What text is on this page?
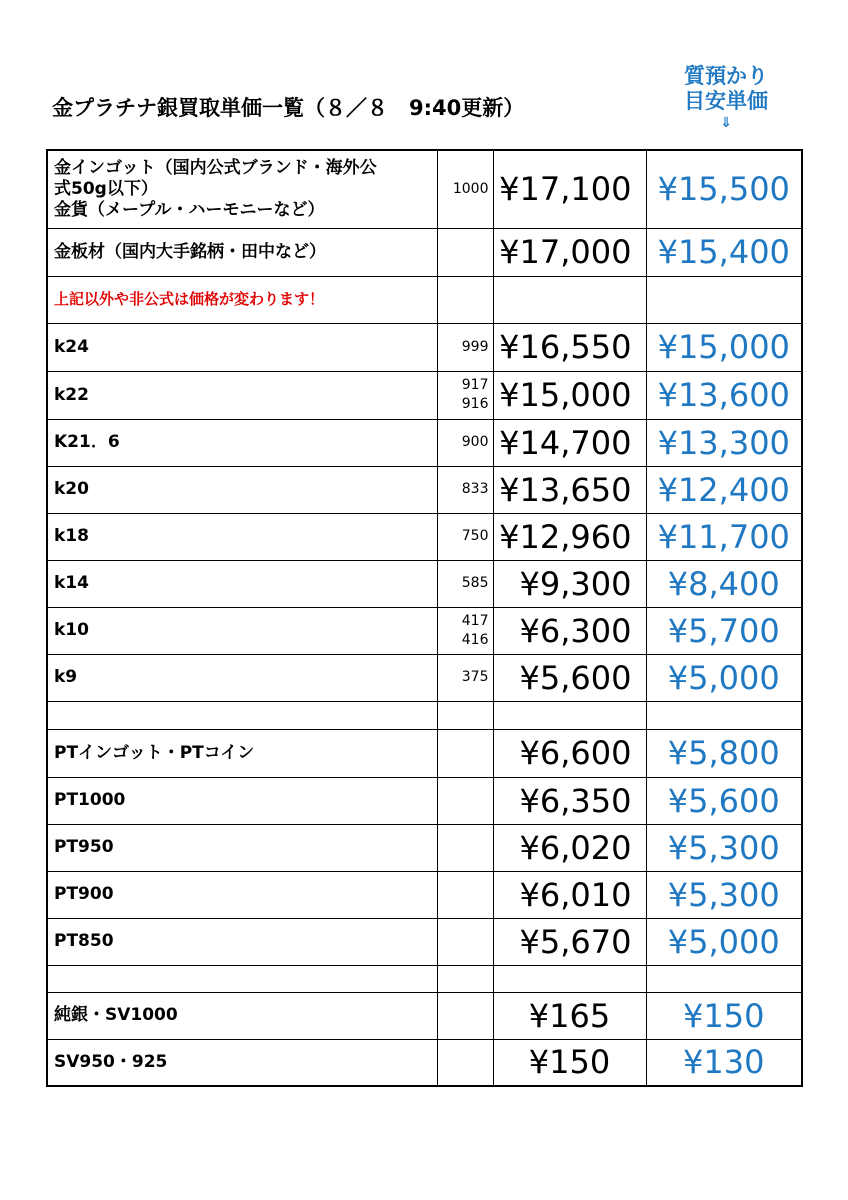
金プラチナ銀買取単価一覧（８／８　9:40更新）
質預かり
目安単価
⇓
金インゴット（国内公式ブランド・海外公
式50g以下）
金貨（メープル・ハーモニーなど）	1000	¥17,100	¥15,500

金板材（国内大手銘柄・田中など）		¥17,000	¥15,400

上記以外や非公式は価格が変わります！			

k24	999	¥16,550	¥15,000

k22	917
916	¥15,000	¥13,600

K21．6	900	¥14,700	¥13,300

k20	833	¥13,650	¥12,400

k18	750	¥12,960	¥11,700

k14	585	¥9,300	¥8,400

k10	417
416	¥6,300	¥5,700

k9	375	¥5,600	¥5,000

PTインゴット・PTコイン		¥6,600	¥5,800

PT1000		¥6,350	¥5,600

PT950		¥6,020	¥5,300

PT900		¥6,010	¥5,300

PT850		¥5,670	¥5,000

純銀・SV1000		¥165	¥150

SV950・925		¥150	¥130
